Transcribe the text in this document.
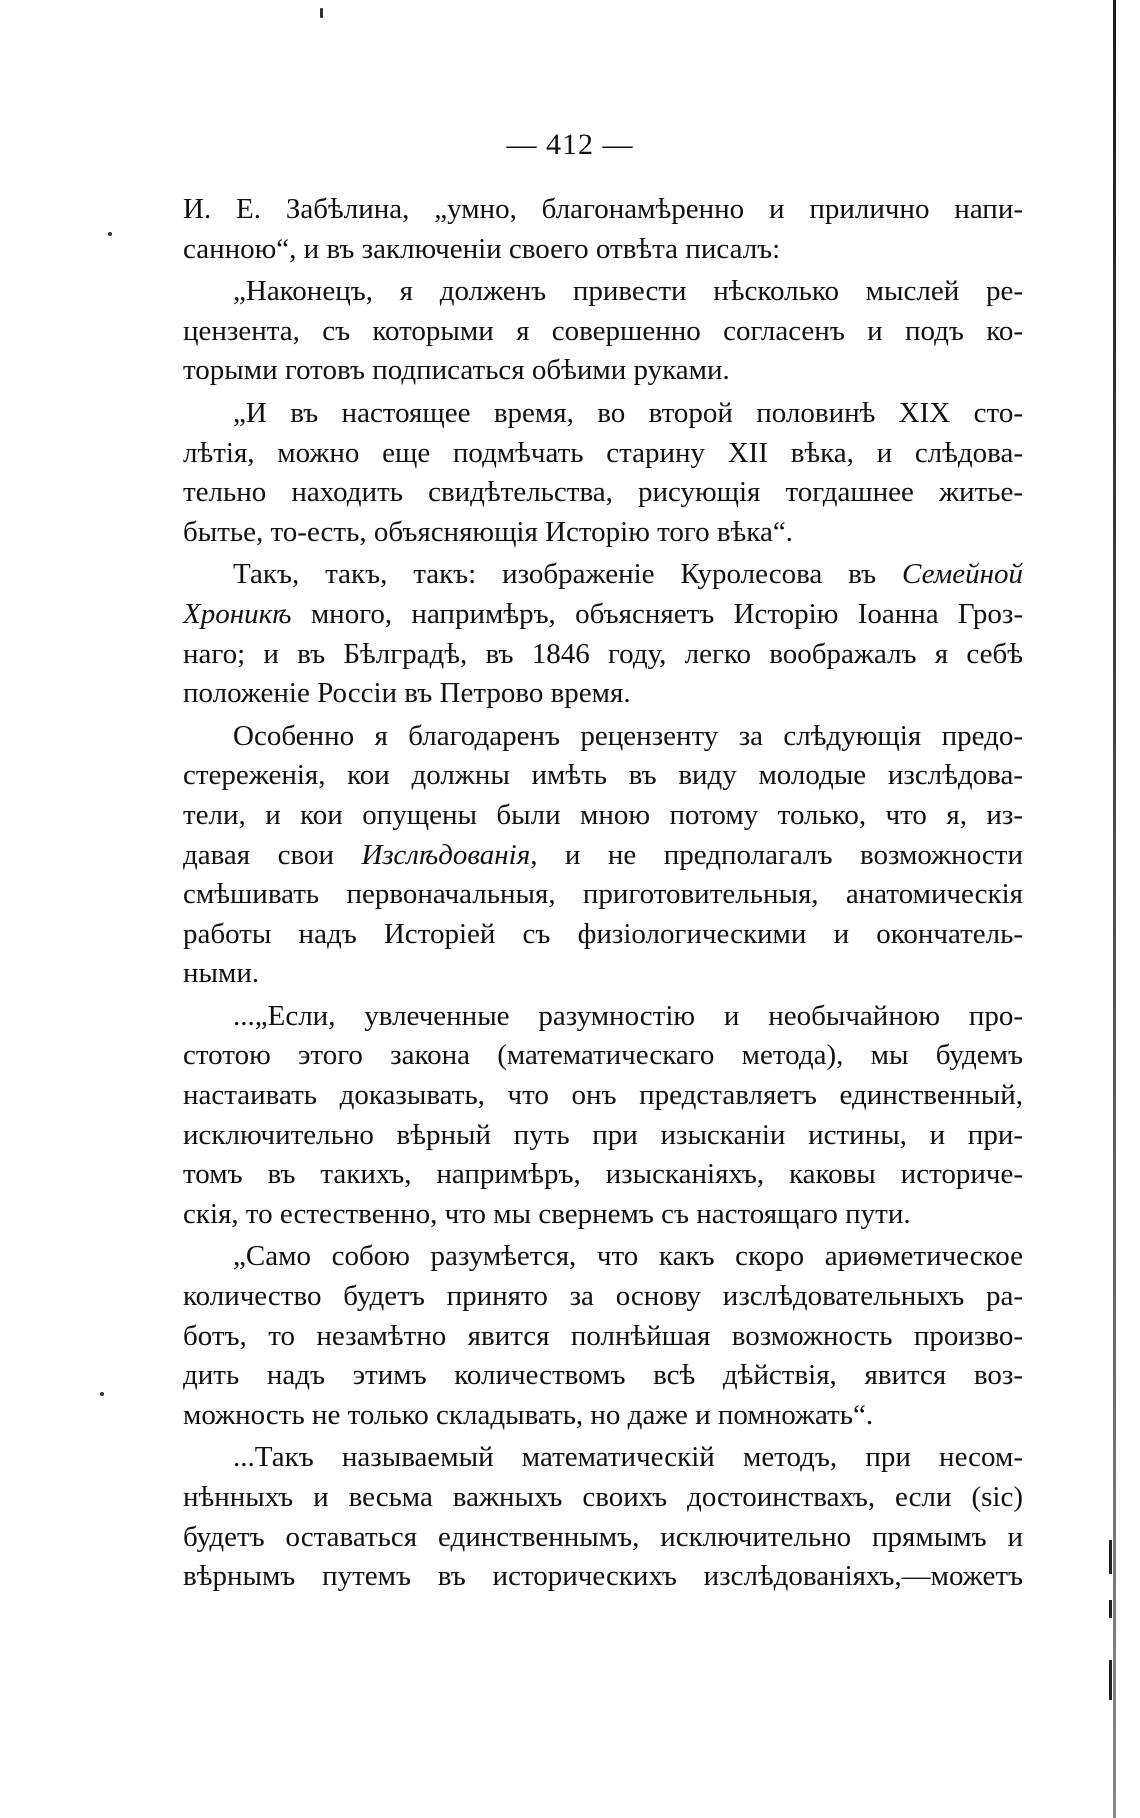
— 412 —
И. Е. Забѣлина, „умно, благонамѣренно и прилично напи-
санною“, и въ заключеніи своего отвѣта писалъ:
„Наконецъ, я долженъ привести нѣсколько мыслей ре-
цензента, съ которыми я совершенно согласенъ и подъ ко-
торыми готовъ подписаться обѣими руками.
„И въ настоящее время, во второй половинѣ XIX сто-
лѣтія, можно еще подмѣчать старину XII вѣка, и слѣдова-
тельно находить свидѣтельства, рисующія тогдашнее житье-
бытье, то-есть, объясняющія Исторію того вѣка“.
Такъ, такъ, такъ: изображеніе Куролесова въ Семейной
Хроникѣ много, напримѣръ, объясняетъ Исторію Іоанна Гроз-
наго; и въ Бѣлградѣ, въ 1846 году, легко воображалъ я себѣ
положеніе Россіи въ Петрово время.
Особенно я благодаренъ рецензенту за слѣдующія предо-
стереженія, кои должны имѣть въ виду молодые изслѣдова-
тели, и кои опущены были мною потому только, что я, из-
давая свои Изслѣдованія, и не предполагалъ возможности
смѣшивать первоначальныя, приготовительныя, анатомическія
работы надъ Исторіей съ физіологическими и окончатель-
ными.
...„Если, увлеченные разумностію и необычайною про-
стотою этого закона (математическаго метода), мы будемъ
настаивать доказывать, что онъ представляетъ единственный,
исключительно вѣрный путь при изысканіи истины, и при-
томъ въ такихъ, напримѣръ, изысканіяхъ, каковы историче-
скія, то естественно, что мы свернемъ съ настоящаго пути.
„Само собою разумѣется, что какъ скоро ариѳметическое
количество будетъ принято за основу изслѣдовательныхъ ра-
ботъ, то незамѣтно явится полнѣйшая возможность произво-
дить надъ этимъ количествомъ всѣ дѣйствія, явится воз-
можность не только складывать, но даже и помножать“.
...Такъ называемый математическій методъ, при несом-
нѣнныхъ и весьма важныхъ своихъ достоинствахъ, если (sic)
будетъ оставаться единственнымъ, исключительно прямымъ и
вѣрнымъ путемъ въ историческихъ изслѣдованіяхъ,—можетъ
